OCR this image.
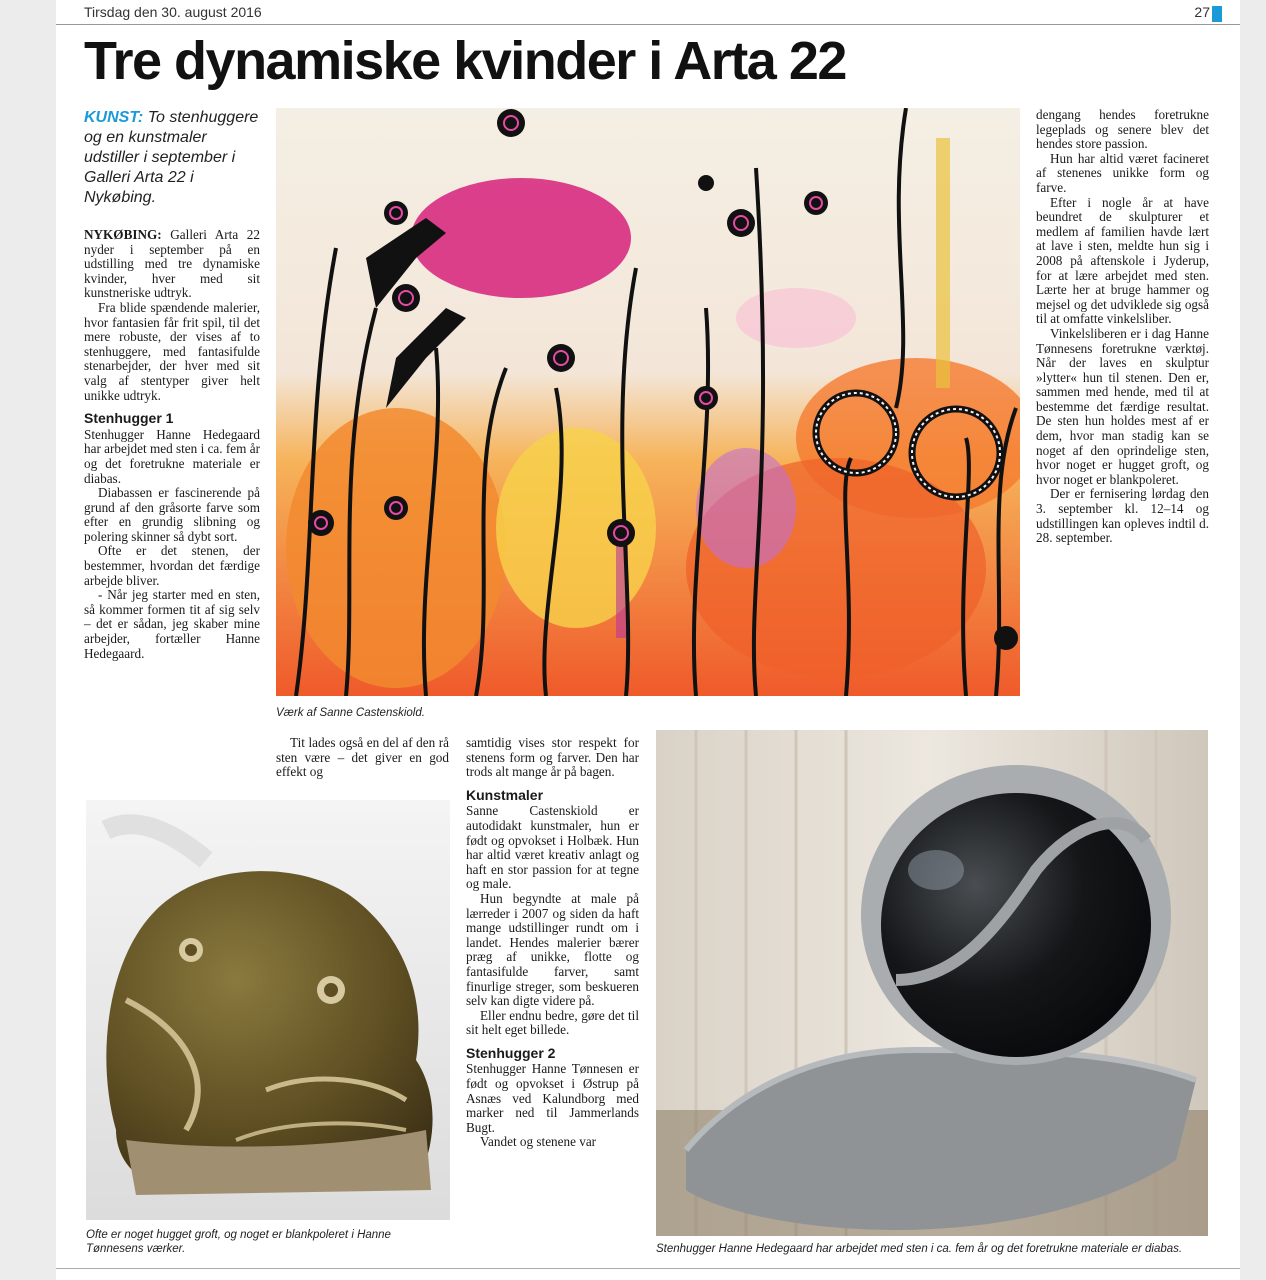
Tirsdag den 30. august 2016	27
Tre dynamiske kvinder i Arta 22
KUNST: To stenhuggere og en kunstmaler udstiller i september i Galleri Arta 22 i Nykøbing.

NYKØBING: Galleri Arta 22 nyder i september på en udstilling med tre dynamiske kvinder, hver med sit kunstneriske udtryk.

Fra blide spændende malerier, hvor fantasien får frit spil, til det mere robuste, der vises af to stenhuggere, med fantasifulde stenarbejder, der hver med sit valg af stentyper giver helt unikke udtryk.

Stenhugger 1

Stenhugger Hanne Hedegaard har arbejdet med sten i ca. fem år og det foretrukne materiale er diabas.

Diabassen er fascinerende på grund af den gråsorte farve som efter en grundig slibning og polering skinner så dybt sort.

Ofte er det stenen, der bestemmer, hvordan det færdige arbejde bliver.

- Når jeg starter med en sten, så kommer formen tit af sig selv – det er sådan, jeg skaber mine arbejder, fortæller Hanne Hedegaard.

Værk af Sanne Castenskiold.

dengang hendes foretrukne legeplads og senere blev det hendes store passion.

Hun har altid været facineret af stenenes unikke form og farve.

Efter i nogle år at have beundret de skulpturer et medlem af familien havde lært at lave i sten, meldte hun sig i 2008 på aftenskole i Jyderup, for at lære arbejdet med sten. Lærte her at bruge hammer og mejsel og det udviklede sig også til at omfatte vinkelsliber.

Vinkelsliberen er i dag Hanne Tønnesens foretrukne værktøj. Når der laves en skulptur »lytter« hun til stenen. Den er, sammen med hende, med til at bestemme det færdige resultat. De sten hun holdes mest af er dem, hvor man stadig kan se noget af den oprindelige sten, hvor noget er hugget groft, og hvor noget er blankpoleret.

Der er fernisering lørdag den 3. september kl. 12–14 og udstillingen kan opleves indtil d. 28. september.

Tit lades også en del af den rå sten være – det giver en god effekt og

samtidig vises stor respekt for stenens form og farver. Den har trods alt mange år på bagen.

Kunstmaler

Sanne Castenskiold er autodidakt kunstmaler, hun er født og opvokset i Holbæk. Hun har altid været kreativ anlagt og haft en stor passion for at tegne og male.

Hun begyndte at male på lærreder i 2007 og siden da haft mange udstillinger rundt om i landet. Hendes malerier bærer præg af unikke, flotte og fantasifulde farver, samt finurlige streger, som beskueren selv kan digte videre på.

Eller endnu bedre, gøre det til sit helt eget billede.

Stenhugger 2

Stenhugger Hanne Tønnesen er født og opvokset i Østrup på Asnæs ved Kalundborg med marker ned til Jammerlands Bugt.

Vandet og stenene var

Ofte er noget hugget groft, og noget er blankpoleret i Hanne Tønnesens værker.	Stenhugger Hanne Hedegaard har arbejdet med sten i ca. fem år og det foretrukne materiale er diabas.
